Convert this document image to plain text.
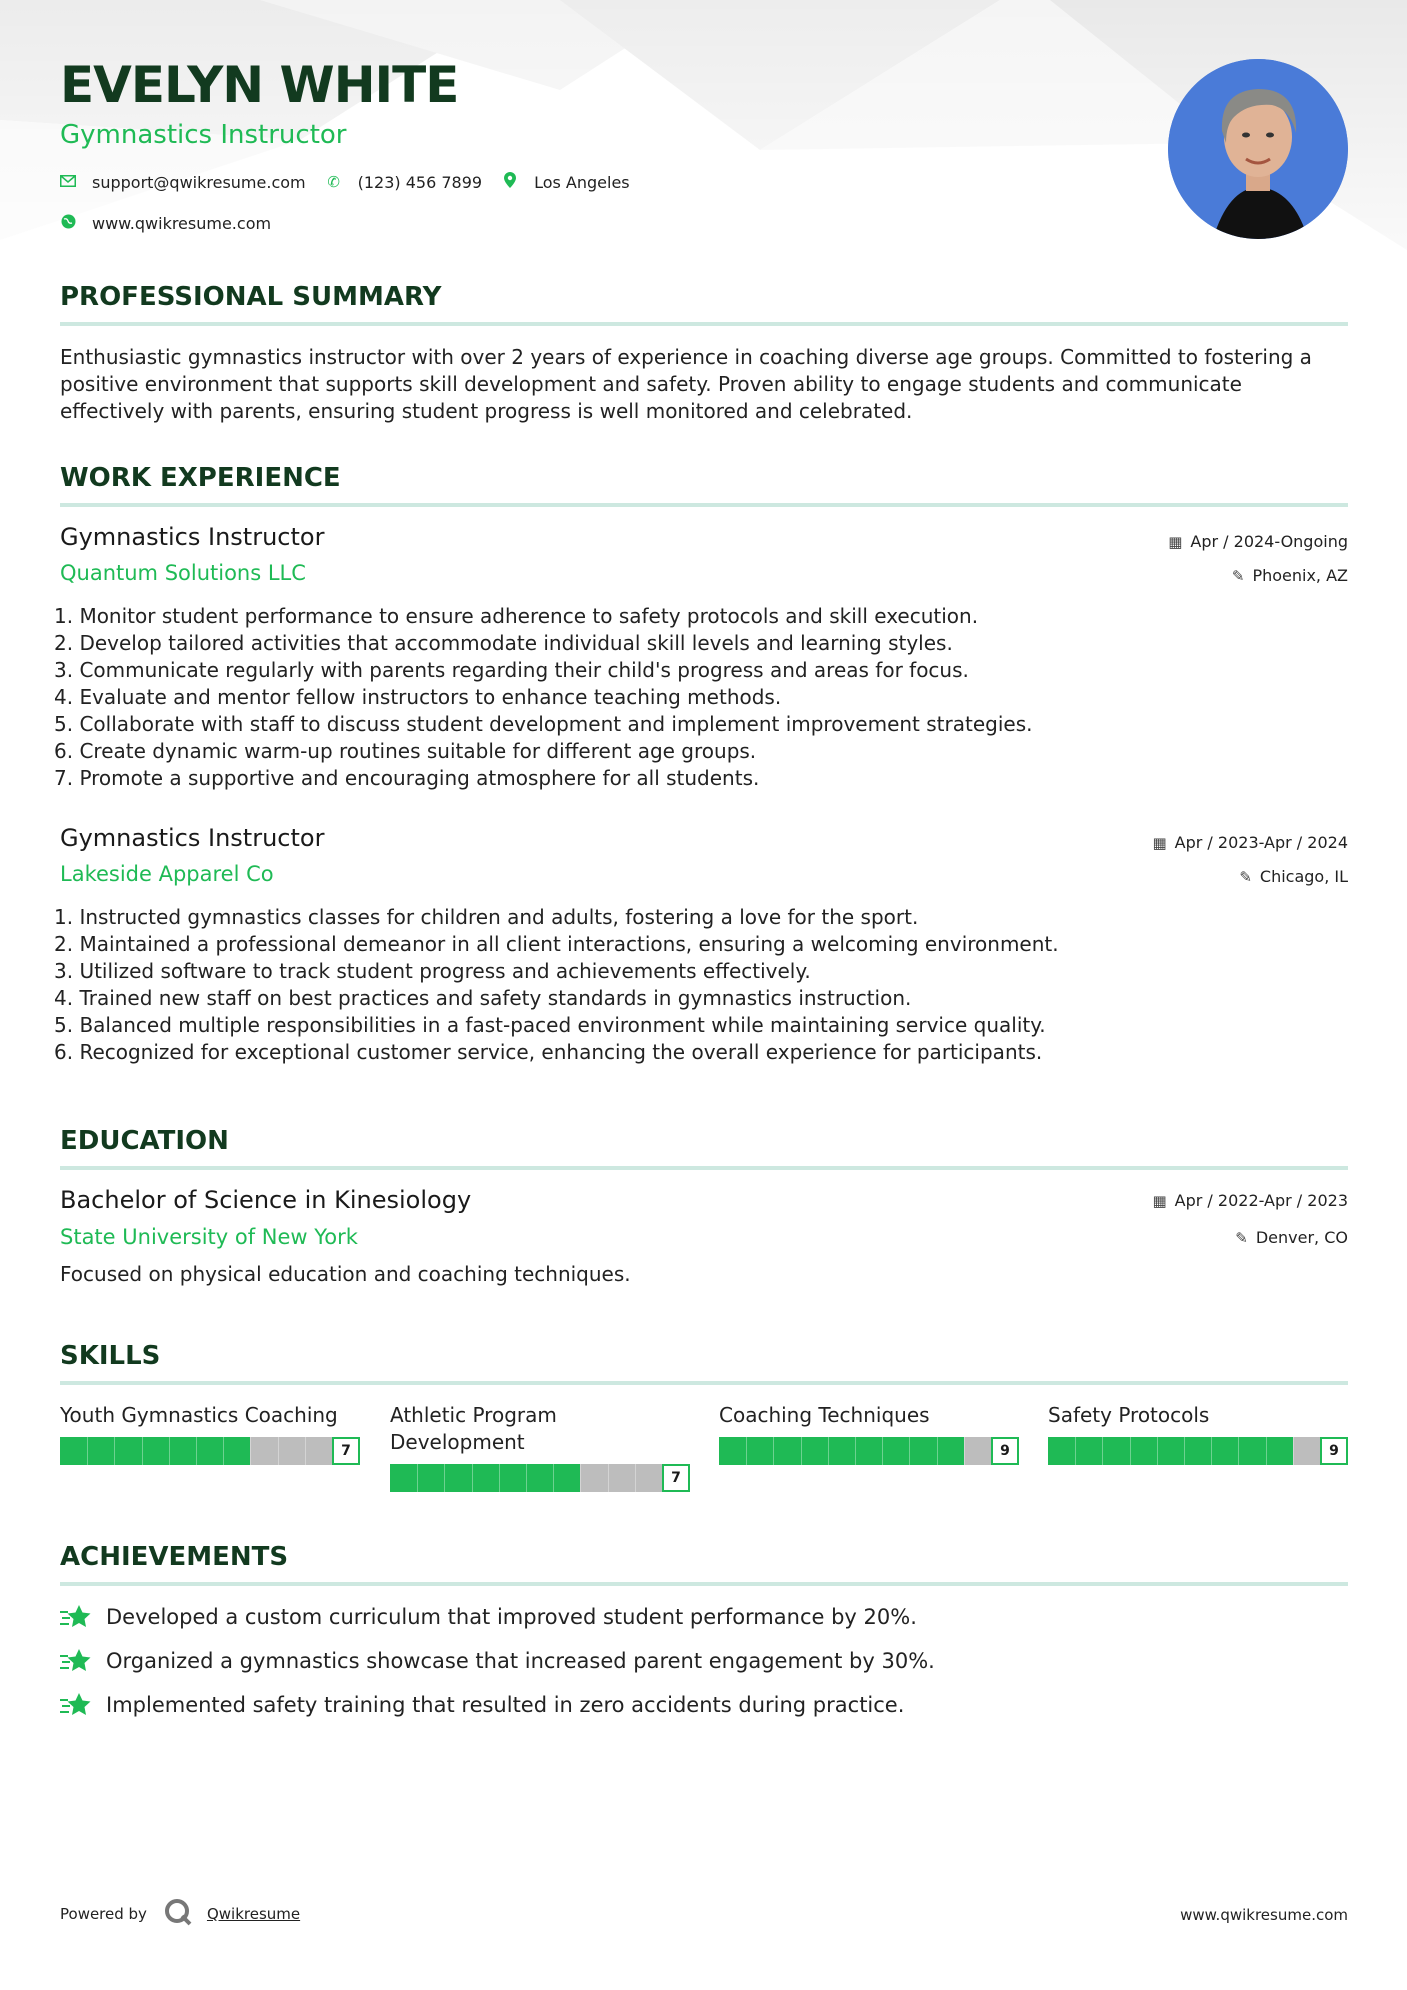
EVELYN WHITE

Gymnastics Instructor

support@qwikresume.com ✆ (123) 456 7899	Los Angeles
www.qwikresume.com
PROFESSIONAL SUMMARY

Enthusiastic gymnastics instructor with over 2 years of experience in coaching diverse age groups. Committed to fostering a positive environment that supports skill development and safety. Proven ability to engage students and communicate effectively with parents, ensuring student progress is well monitored and celebrated.

WORK EXPERIENCE

Gymnastics Instructor

Quantum Solutions LLC

▦ Apr / 2024-Ongoing
✎ Phoenix, AZ
1. Monitor student performance to ensure adherence to safety protocols and skill execution.
2. Develop tailored activities that accommodate individual skill levels and learning styles.
3. Communicate regularly with parents regarding their child's progress and areas for focus.
4. Evaluate and mentor fellow instructors to enhance teaching methods.
5. Collaborate with staff to discuss student development and implement improvement strategies.
6. Create dynamic warm-up routines suitable for different age groups.
7. Promote a supportive and encouraging atmosphere for all students.

Gymnastics Instructor

Lakeside Apparel Co

▦ Apr / 2023-Apr / 2024
✎ Chicago, IL
1. Instructed gymnastics classes for children and adults, fostering a love for the sport.
2. Maintained a professional demeanor in all client interactions, ensuring a welcoming environment.
3. Utilized software to track student progress and achievements effectively.
4. Trained new staff on best practices and safety standards in gymnastics instruction.
5. Balanced multiple responsibilities in a fast-paced environment while maintaining service quality.
6. Recognized for exceptional customer service, enhancing the overall experience for participants.
EDUCATION

Bachelor of Science in Kinesiology

State University of New York

▦ Apr / 2022-Apr / 2023
✎ Denver, CO

Focused on physical education and coaching techniques.

SKILLS

Youth Gymnastics Coaching

7

Athletic Program Development

7

Coaching Techniques

9

Safety Protocols

9
ACHIEVEMENTS
Developed a custom curriculum that improved student performance by 20%.
Organized a gymnastics showcase that increased parent engagement by 30%.
Implemented safety training that resulted in zero accidents during practice.
Powered by	Qwikresume	www.qwikresume.com
